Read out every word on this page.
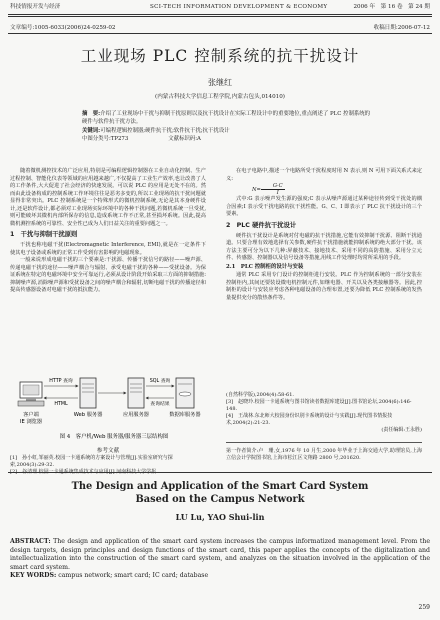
科技情报开发与经济	SCI-TECH INFORMATION DEVELOPMENT & ECONOMY	2006 年　第 16 卷　第 24 期
文章编号:1005-6033(2006)24-0259-02	收稿日期:2006-07-12
工业现场 PLC 控制系统的抗干扰设计
张继红
(内蒙古科技大学信息工程学院,内蒙古包头,014010)

摘　要:介绍了工业现场中干扰与抑制干扰原则以及抗干扰设计在实际工程设计中的重要地位,重点阐述了 PLC 控制系统的硬件与软件抗干扰方法。

关键词:可编程逻辑控制器;硬件抗干扰;软件抗干扰;抗干扰设计

中图分类号:TP273	文献标识码:A

随着微机测控技术的广泛应用,特别是可编程逻辑控制器在工业自动化控制、生产过程控制、智能化仪表等领域的应用越来越广,不仅提高了工业生产效率,也让改善了人的工作条件,大大促进了社会经济的快速发展。可以说 PLC 的应用是无处不在的。然而由此设备构成的控制系统工作环境往往是恶劣多变的,所以工业现场的抗干扰问题就显得非常突出。PLC 控制系统是一个特殊形式的微机控制系统,无论是其本身硬件设计,还是软件设计,都必须对工业现场实际环境中的各种干扰问题,若微机系统一旦受扰,则可能破坏其微机内部所保存的信息,造成系统工作不正常,甚至损坏系统。因此,提高微机测控系统的可靠性、安全性已成为人们日益关注的重要问题之一。

1　干扰与抑制干扰原则

干扰也称电磁干扰(Electromagnetic Interference, EMI),就是在一定条件下使其电子设备或系统的正常工作受到有害影响的电磁现象。

一般来说形成电磁干扰的三个要素是:干扰源、传播干扰信号的路径——噪声源、传递电磁干扰的途径——噪声耦合与辐射、承受电磁干扰的各种——受扰设备。为保证系统在特定的电磁环境中安全可靠运行,必须从设计阶段开始采取三方面的抑制措施:抑制噪声源,消除噪声源和受扰设备之间的噪声耦合和辐射,切断电磁干扰的传播途径和提高传感器设备对电磁干扰的抵抗能力。

客户端
IE 浏览器
Web 服务器	应用服务器	数据库服务器
HTTP 查询
HTML
SQL 查询
查询结果
图 4　客户机/Web 服务器/服务器三层结构图

参考文献

[1]　孙小虹,邹丽英.校园一卡通系统的方案设计与管理[J].实验室研究与探索,2004(3):29-32.

[2]　谷清理.校园一卡通系统集成技术与应用[J].河南科技大学学报

在电子电路中,描述一个电路所受干扰程度时用 N 表示,则 N 可用下面关系式来定义:

$N= \frac{G\cdot C}{I}$

式中:G 表示噪声发生源的强度;C 表示从噪声源通过某种途径传到受干扰处的耦合因素;I 表示受干扰电路的抗干扰性能。G、C、I 即表示了 PLC 抗干扰设计的三个要素。

2　PLC 硬件抗干扰设计

硬件抗干扰设计是系统对付电磁的抗干扰措施,它能有效抑制干扰源、阻断干扰通道。只要合理有效地选择有关参数,硬件抗干扰措施就能抑制系统的绝大部分干扰。该方法主要可分为以下几种:屏蔽技术、接地技术、采用不同的高防措施、采用分立元件、传感器、控制器以及信号设备等措施,用线工作处理时均常所采用的手段。

2.1　PLC 控制柜的设计与安装

通常 PLC 采用专门设计的控制柜进行安装。PLC 作为控制系统的一部分安装在控制柜内,其间还要装设微电机控制元件,如继电器、开关以及各类接触器等。因此,控制柜的设计与安装应考虑各种电磁设备的合理布置,还要为降低 PLC 控制系统的发热量提供充分的散热条件等。

(自然科学版),2004(4):58-61.

[3]　赵晓玲.校园一卡通系统与图书馆读者数据库建设[J].图书馆论坛,2004(6):146-148.

[4]　王战林.东北师大校园身份识别卡系统的设计与实践[J].现代图书情报技术,2004(2):21-23.

(责任编辑:王永胜)

第一作者简介:卢　珊,女,1976 年 10 月生,2000 年毕业于上海交通大学,助理馆员,上海立信会计学院图书馆,上海市松江区文翔路 2800 号,201620.
The Design and Application of the Smart Card System
Based on the Campus Network
LU Lu, YAO Shui-lin

ABSTRACT: The design and application of the smart card system increases the campus informatized management level. From the design targets, design principles and design functions of the smart card, this paper applies the concepts of the digitalization and intellectualization into the construction of the smart card system, and analyzes on the situation involved in the application of the smart card system.

KEY WORDS: campus network; smart card; IC card; database

259
